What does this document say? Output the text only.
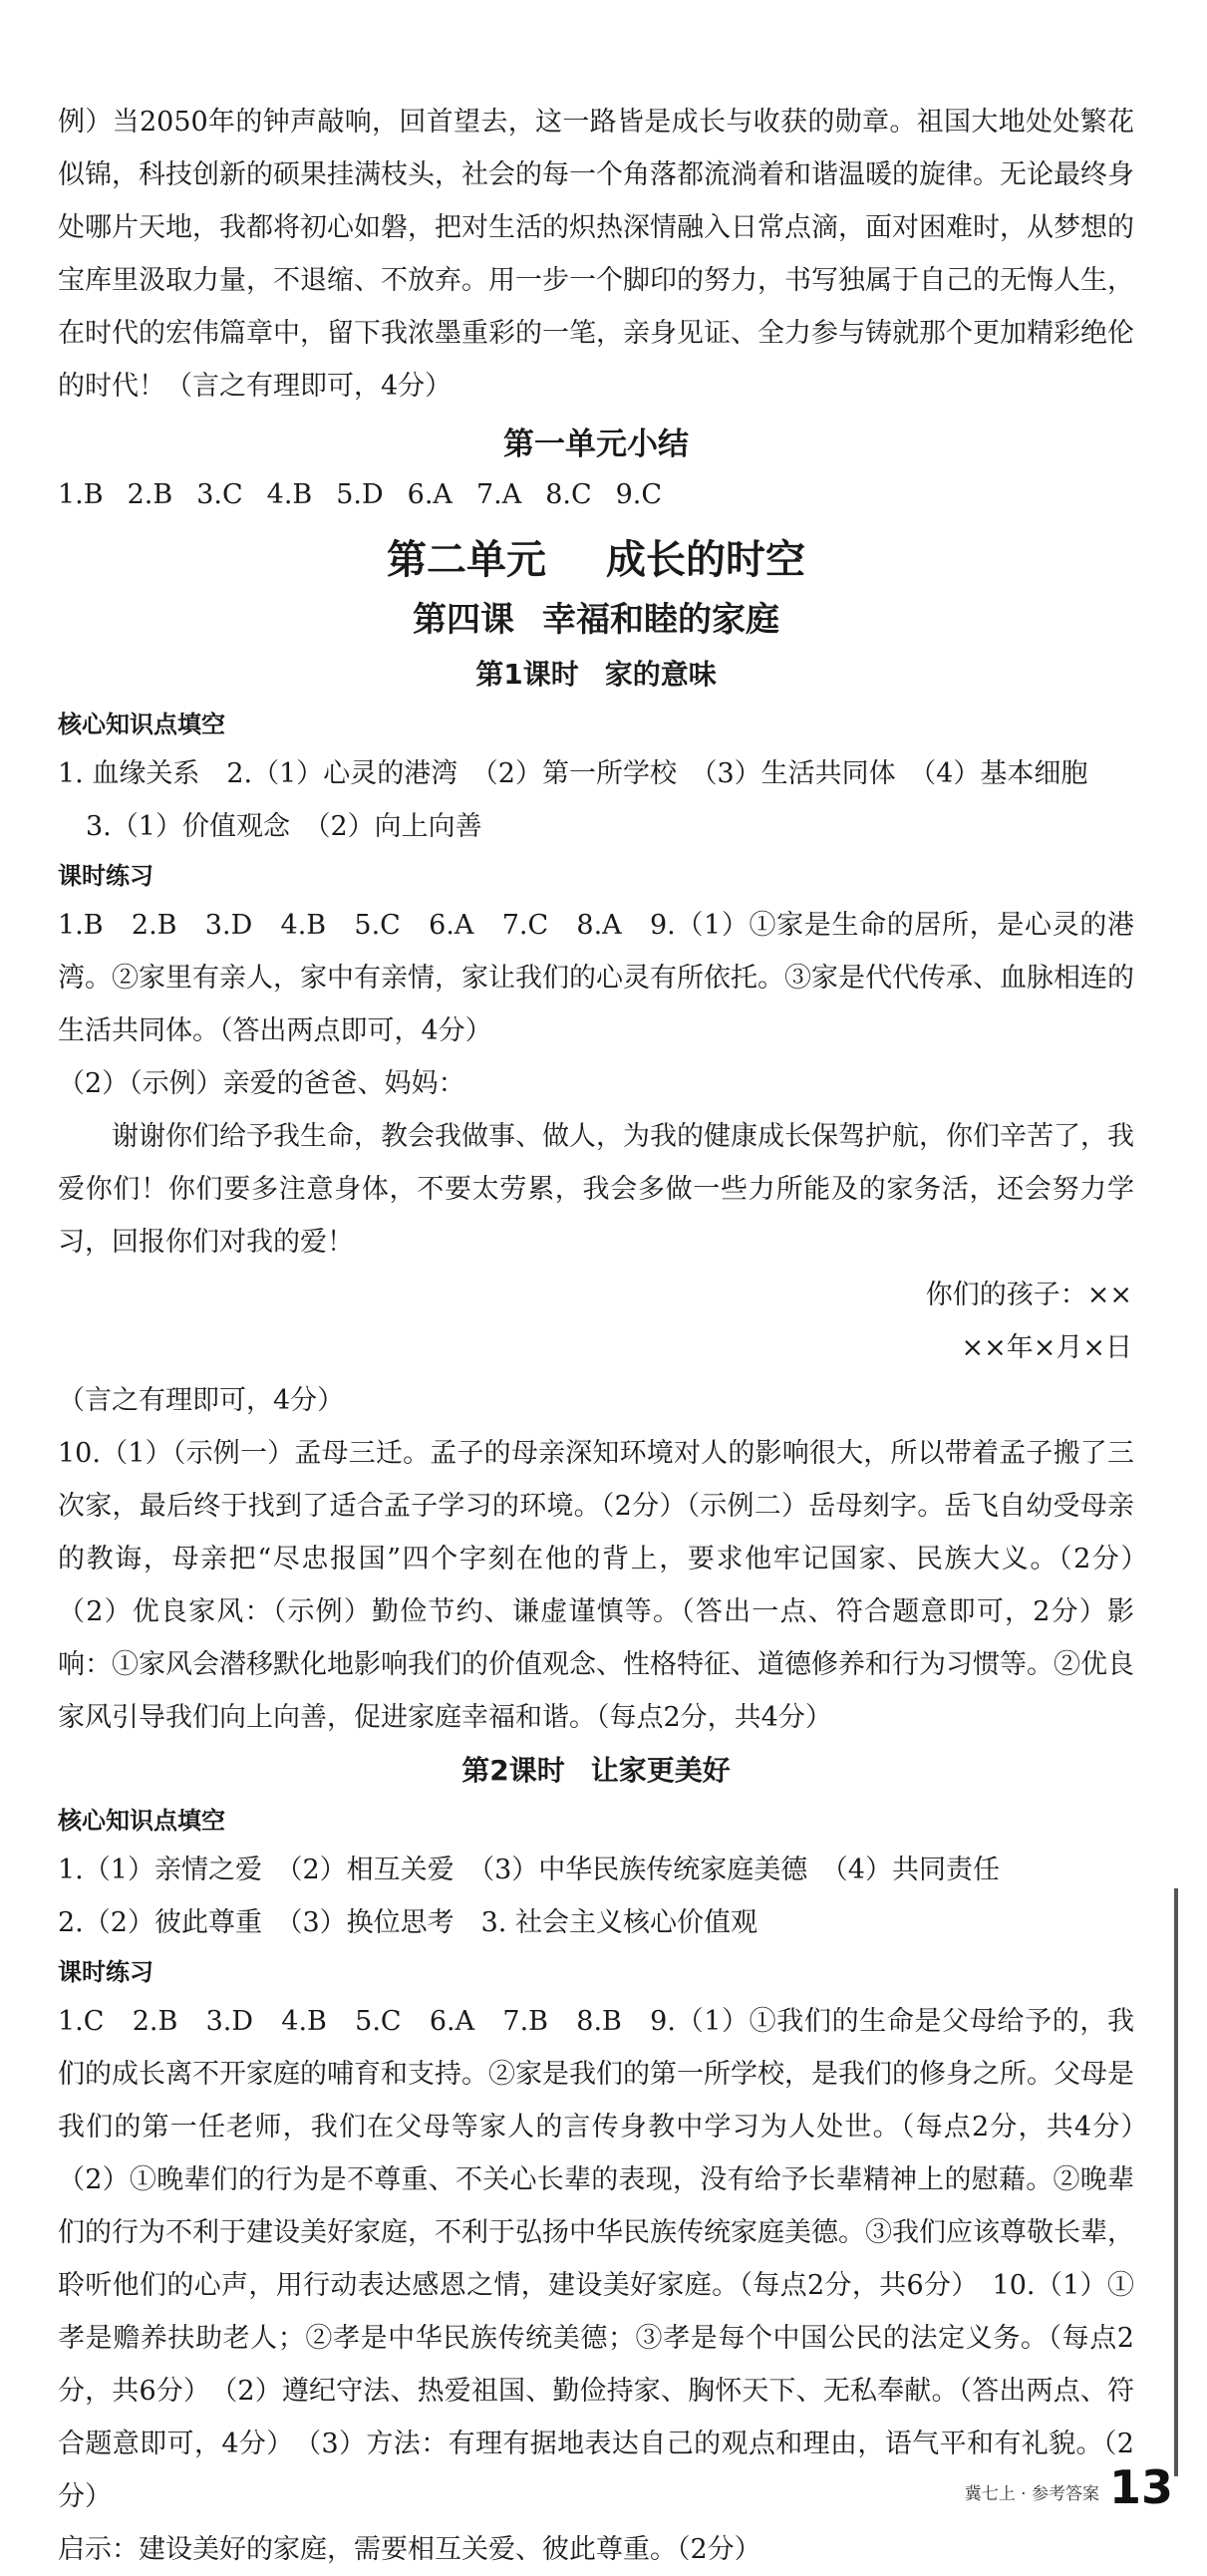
例）当2050年的钟声敲响，回首望去，这一路皆是成长与收获的勋章。祖国大地处处繁花似锦，科技创新的硕果挂满枝头，社会的每一个角落都流淌着和谐温暖的旋律。无论最终身处哪片天地，我都将初心如磐，把对生活的炽热深情融入日常点滴，面对困难时，从梦想的宝库里汲取力量，不退缩、不放弃。用一步一个脚印的努力，书写独属于自己的无悔人生，在时代的宏伟篇章中，留下我浓墨重彩的一笔，亲身见证、全力参与铸就那个更加精彩绝伦的时代！（言之有理即可，4分）

第一单元小结
1.B 2.B 3.C 4.B 5.D 6.A 7.A 8.C 9.C
第二单元 成长的时空
第四课 幸福和睦的家庭
第1课时 家的意味
核心知识点填空

1. 血缘关系　2.（1）心灵的港湾　（2）第一所学校　（3）生活共同体　（4）基本细胞

3.（1）价值观念　（2）向上向善

课时练习

1.B　2.B　3.D　4.B　5.C　6.A　7.C　8.A　9.（1）①家是生命的居所，是心灵的港湾。②家里有亲人，家中有亲情，家让我们的心灵有所依托。③家是代代传承、血脉相连的生活共同体。（答出两点即可，4分）

（2）（示例）亲爱的爸爸、妈妈：

谢谢你们给予我生命，教会我做事、做人，为我的健康成长保驾护航，你们辛苦了，我爱你们！你们要多注意身体，不要太劳累，我会多做一些力所能及的家务活，还会努力学习，回报你们对我的爱！

你们的孩子：××

××年×月×日

（言之有理即可，4分）

10.（1）（示例一）孟母三迁。孟子的母亲深知环境对人的影响很大，所以带着孟子搬了三次家，最后终于找到了适合孟子学习的环境。（2分）（示例二）岳母刻字。岳飞自幼受母亲的教诲，母亲把“尽忠报国”四个字刻在他的背上，要求他牢记国家、民族大义。（2分）　（2）优良家风：（示例）勤俭节约、谦虚谨慎等。（答出一点、符合题意即可，2分）影响：①家风会潜移默化地影响我们的价值观念、性格特征、道德修养和行为习惯等。②优良家风引导我们向上向善，促进家庭幸福和谐。（每点2分，共4分）

第2课时 让家更美好
核心知识点填空

1.（1）亲情之爱　（2）相互关爱　（3）中华民族传统家庭美德　（4）共同责任

2.（2）彼此尊重　（3）换位思考　3. 社会主义核心价值观

课时练习

1.C　2.B　3.D　4.B　5.C　6.A　7.B　8.B　9.（1）①我们的生命是父母给予的，我们的成长离不开家庭的哺育和支持。②家是我们的第一所学校，是我们的修身之所。父母是我们的第一任老师，我们在父母等家人的言传身教中学习为人处世。（每点2分，共4分）　（2）①晚辈们的行为是不尊重、不关心长辈的表现，没有给予长辈精神上的慰藉。②晚辈们的行为不利于建设美好家庭，不利于弘扬中华民族传统家庭美德。③我们应该尊敬长辈，聆听他们的心声，用行动表达感恩之情，建设美好家庭。（每点2分，共6分）　10.（1）①孝是赡养扶助老人；②孝是中华民族传统美德；③孝是每个中国公民的法定义务。（每点2分，共6分）　（2）遵纪守法、热爱祖国、勤俭持家、胸怀天下、无私奉献。（答出两点、符合题意即可，4分）　（3）方法：有理有据地表达自己的观点和理由，语气平和有礼貌。（2分）

启示：建设美好的家庭，需要相互关爱、彼此尊重。（2分）

冀七上 · 参考答案 13
